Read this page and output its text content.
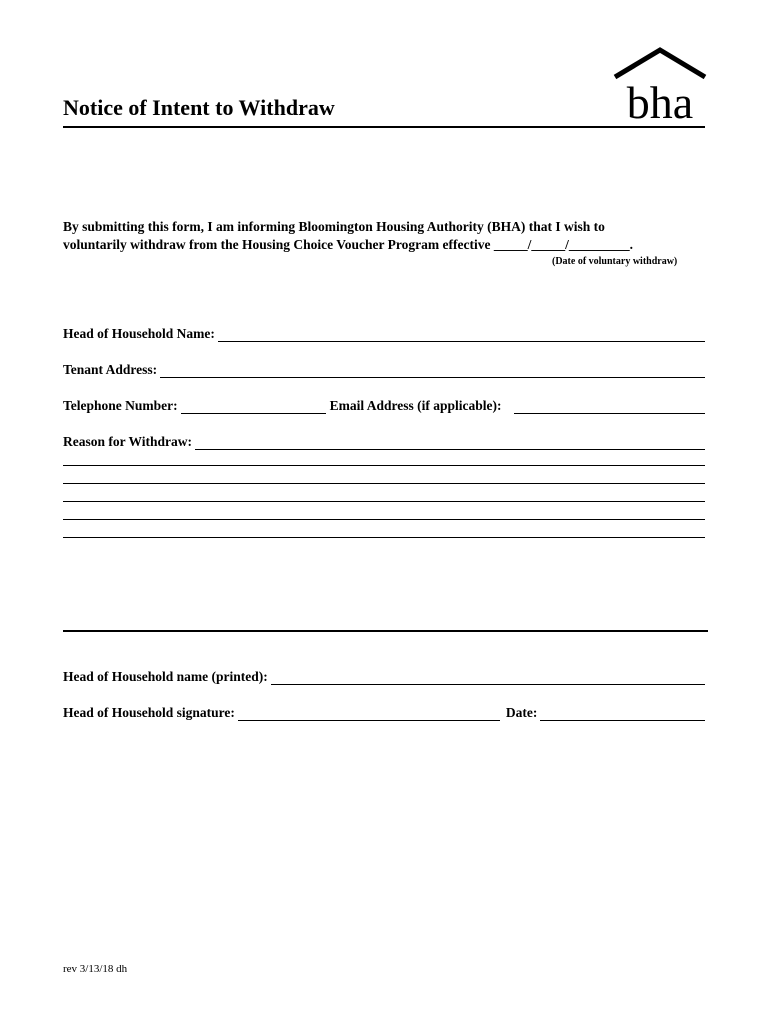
Notice of Intent to Withdraw	bha
By submitting this form, I am informing Bloomington Housing Authority (BHA) that I wish to
voluntarily withdraw from the Housing Choice Voucher Program effective _____/_____/_________.
(Date of voluntary withdraw)
Head of Household Name:
Tenant Address:
Telephone Number:	Email Address (if applicable):
Reason for Withdraw:
Head of Household name (printed):
Head of Household signature:	Date:
rev 3/13/18 dh
